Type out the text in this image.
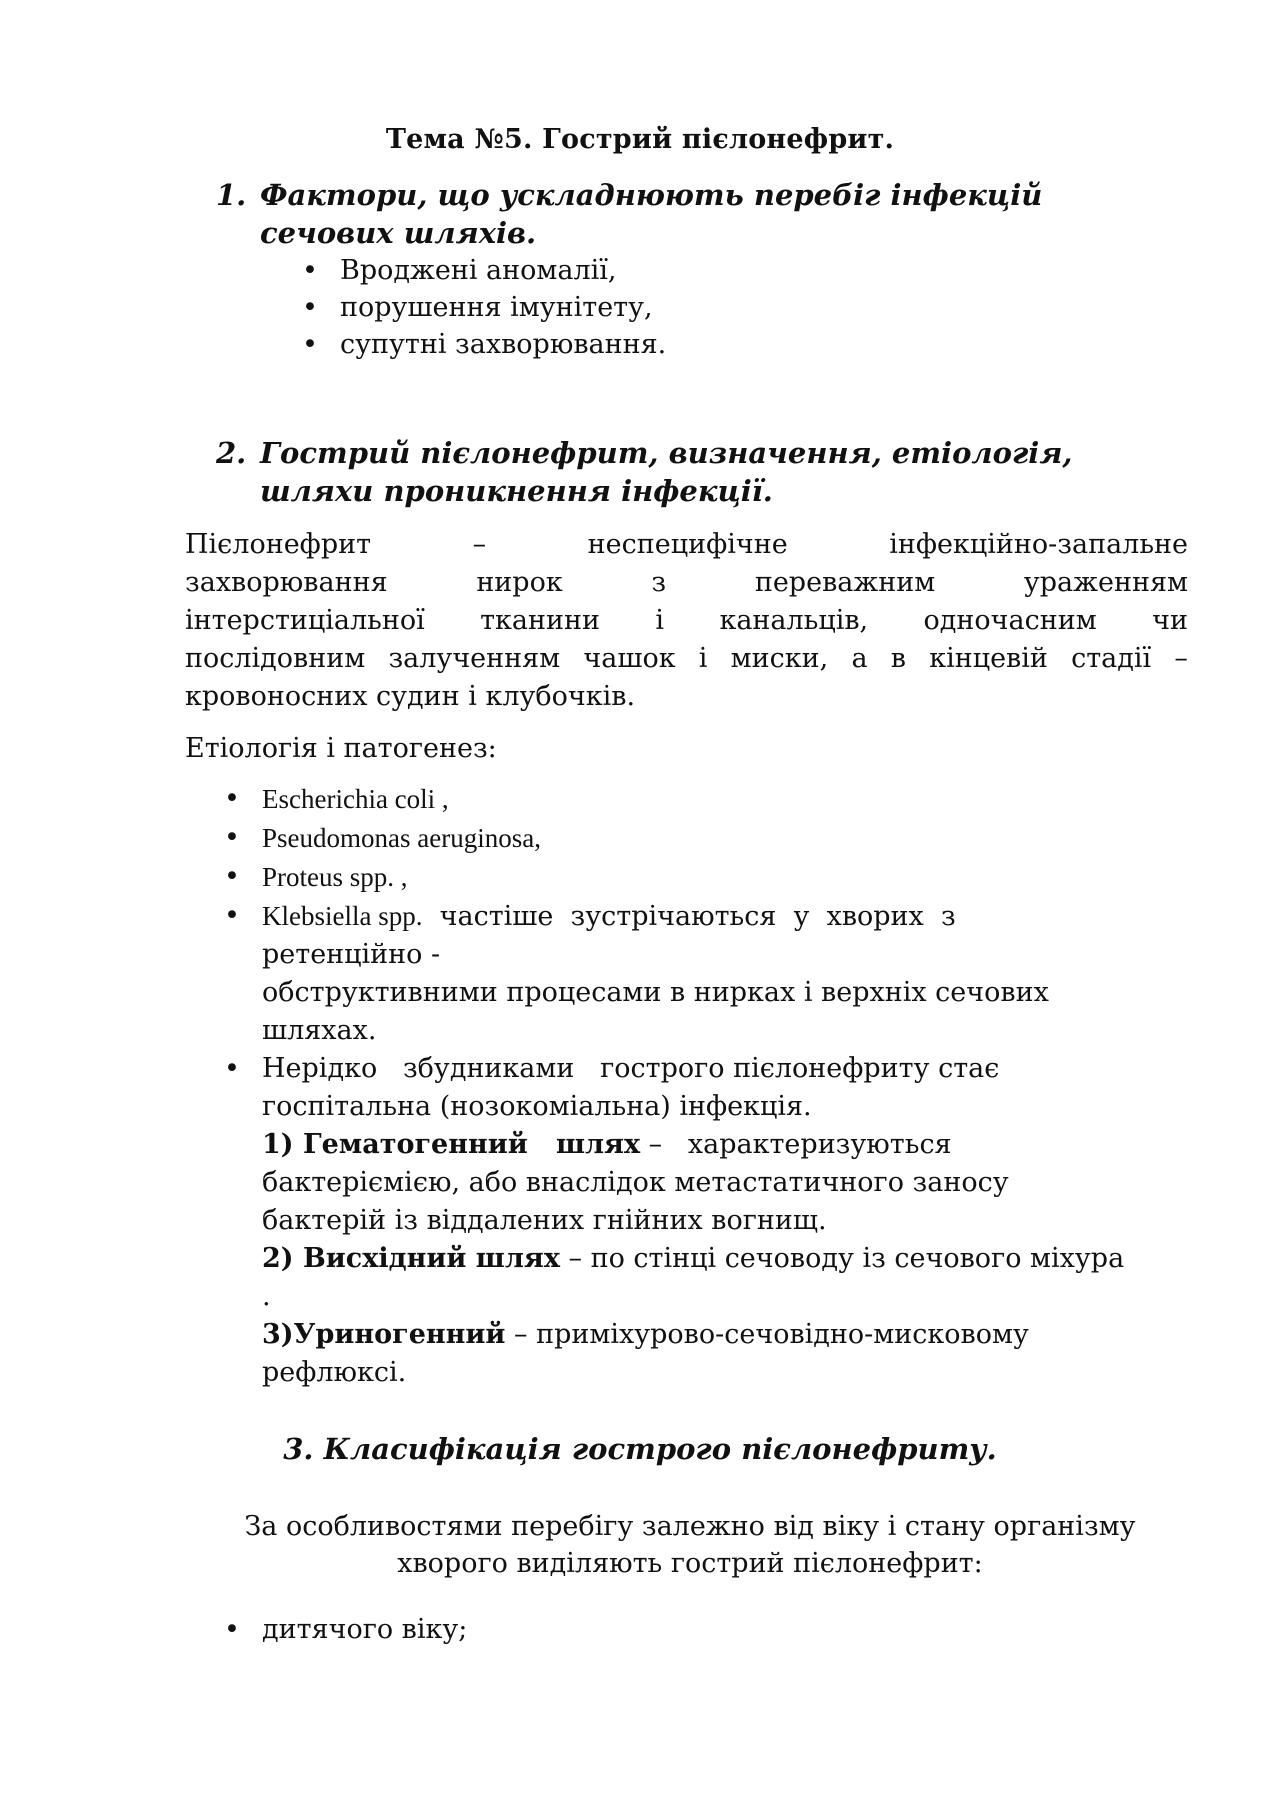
Тема №5. Гострий пієлонефрит.
1. Фактори, що ускладнюють перебіг інфекцій
сечових шляхів.
• Вроджені аномалії,
• порушення імунітету,
• супутні захворювання.
2. Гострий пієлонефрит, визначення, етіологія,
шляхи проникнення інфекції.
Пієлонефрит	–	неспецифічне	інфекційно-запальне
захворювання	нирок	з	переважним	ураженням
інтерстиціальної тканини і канальців, одночасним чи
послідовним залученням чашок і миски, а в кінцевій стадії –
кровоносних судин і клубочків.
Етіологія і патогенез:
• Escherichia coli ,
• Pseudomonas aeruginosa,
• Proteus spp. ,
• Klebsiella spp. частіше  зустрічаються  у  хворих  з
ретенційно -
обструктивними процесами в нирках і верхніх сечових
шляхах.
• Нерідко   збудниками   гострого пієлонефриту стає
госпітальна (нозокоміальна) інфекція.
1) Гематогенний   шлях –   характеризуються
бактеріємією, або внаслідок метастатичного заносу
бактерій із віддалених гнійних вогнищ.
2) Висхідний шлях – по стінці сечоводу із сечового міхура
.
3)Уриногенний – приміхурово-сечовідно-мисковому
рефлюксі.
3. Класифікація гострого пієлонефриту.
За особливостями перебігу залежно від віку і стану організму
хворого виділяють гострий пієлонефрит:
• дитячого віку;
